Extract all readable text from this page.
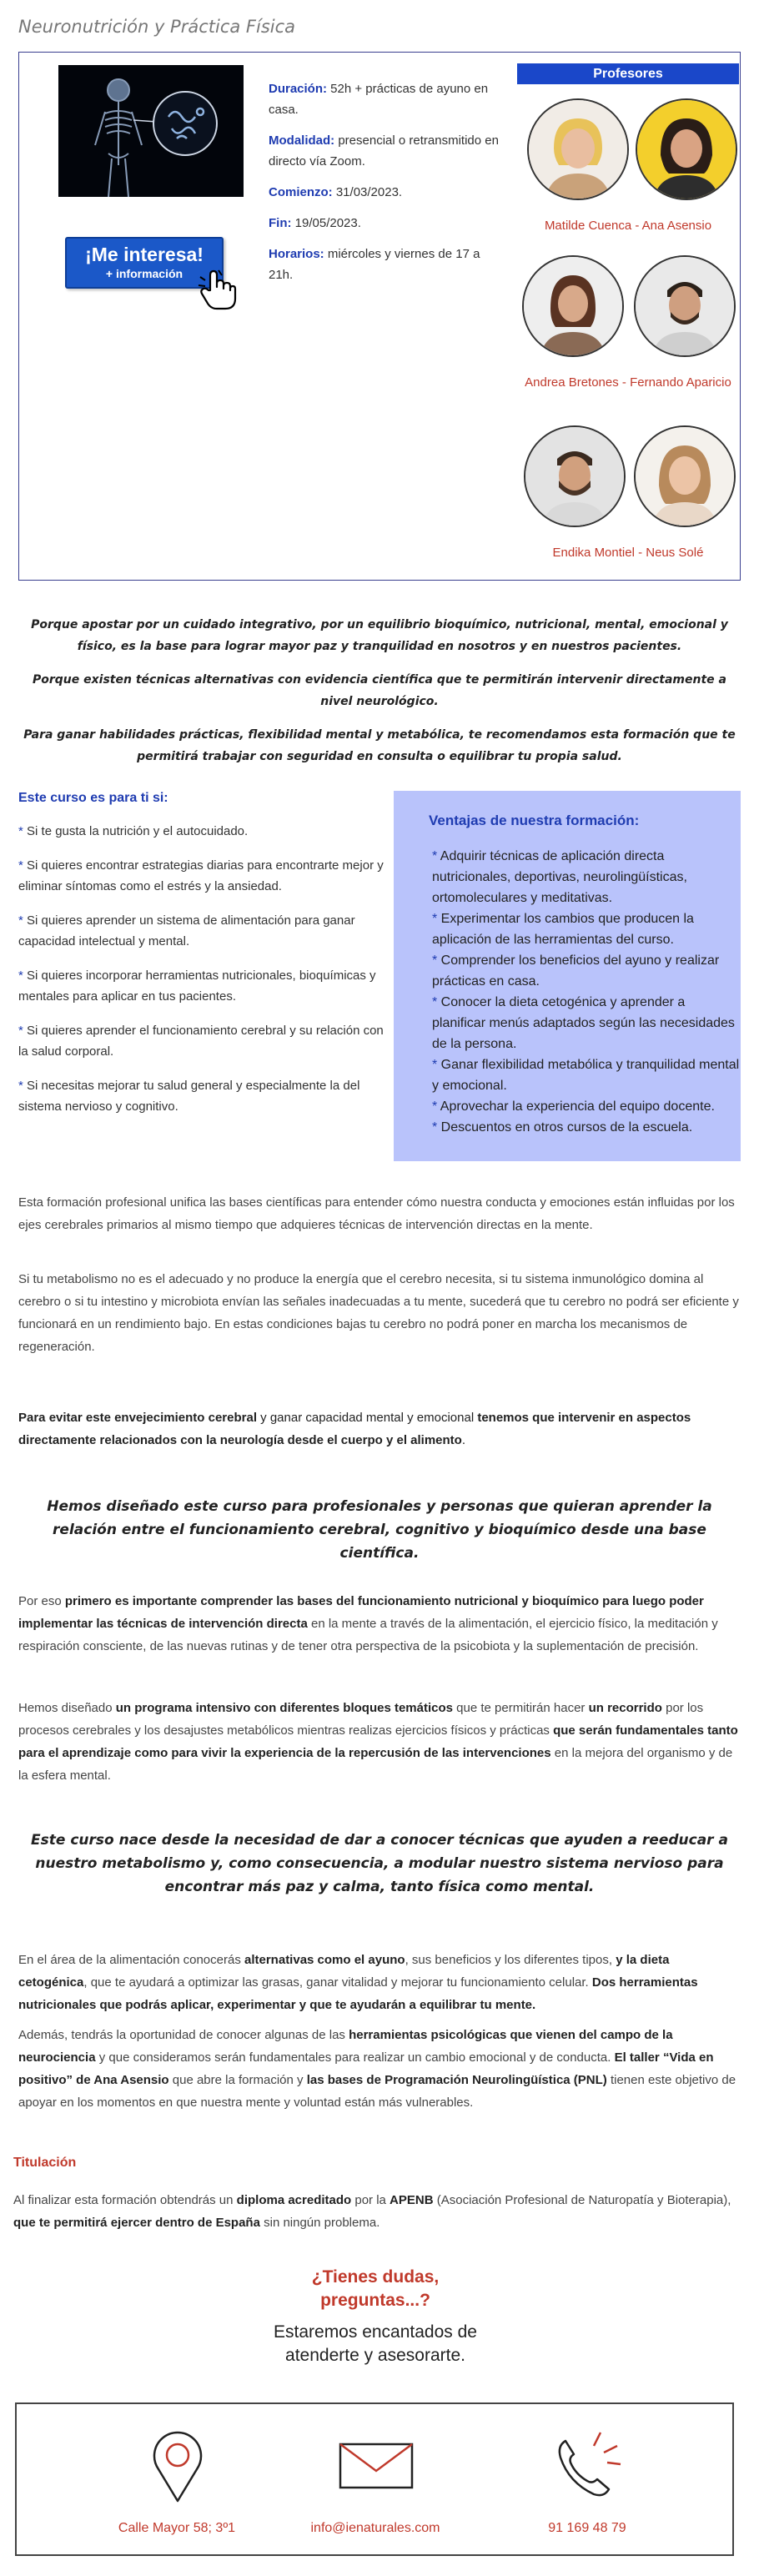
Neuronutrición y Práctica Física
¡Me interesa!
+ información

Duración: 52h + prácticas de ayuno en casa.

Modalidad: presencial o retransmitido en directo vía Zoom.

Comienzo: 31/03/2023.

Fin: 19/05/2023.

Horarios: miércoles y viernes de 17 a 21h.

Profesores
Matilde Cuenca - Ana Asensio
Andrea Bretones - Fernando Aparicio
Endika Montiel - Neus Solé
Porque apostar por un cuidado integrativo, por un equilibrio bioquímico, nutricional, mental, emocional y físico, es la base para lograr mayor paz y tranquilidad en nosotros y en nuestros pacientes.
Porque existen técnicas alternativas con evidencia científica que te permitirán intervenir directamente a nivel neurológico.
Para ganar habilidades prácticas, flexibilidad mental y metabólica, te recomendamos esta formación que te permitirá trabajar con seguridad en consulta o equilibrar tu propia salud.
Este curso es para ti si:
* Si te gusta la nutrición y el autocuidado.
* Si quieres encontrar estrategias diarias para encontrarte mejor y eliminar síntomas como el estrés y la ansiedad.
* Si quieres aprender un sistema de alimentación para ganar capacidad intelectual y mental.
* Si quieres incorporar herramientas nutricionales, bioquímicas y mentales para aplicar en tus pacientes.
* Si quieres aprender el funcionamiento cerebral y su relación con la salud corporal.
* Si necesitas mejorar tu salud general y especialmente la del sistema nervioso y cognitivo.
Ventajas de nuestra formación:
* Adquirir técnicas de aplicación directa nutricionales, deportivas, neurolingüísticas, ortomoleculares y meditativas.
* Experimentar los cambios que producen la aplicación de las herramientas del curso.
* Comprender los beneficios del ayuno y realizar prácticas en casa.
* Conocer la dieta cetogénica y aprender a planificar menús adaptados según las necesidades de la persona.
* Ganar flexibilidad metabólica y tranquilidad mental y emocional.
* Aprovechar la experiencia del equipo docente.
* Descuentos en otros cursos de la escuela.
Esta formación profesional unifica las bases científicas para entender cómo nuestra conducta y emociones están influidas por los ejes cerebrales primarios al mismo tiempo que adquieres técnicas de intervención directas en la mente.
Si tu metabolismo no es el adecuado y no produce la energía que el cerebro necesita, si tu sistema inmunológico domina al cerebro o si tu intestino y microbiota envían las señales inadecuadas a tu mente, sucederá que tu cerebro no podrá ser eficiente y funcionará en un rendimiento bajo. En estas condiciones bajas tu cerebro no podrá poner en marcha los mecanismos de regeneración.
Para evitar este envejecimiento cerebral y ganar capacidad mental y emocional tenemos que intervenir en aspectos directamente relacionados con la neurología desde el cuerpo y el alimento.
Hemos diseñado este curso para profesionales y personas que quieran aprender la relación entre el funcionamiento cerebral, cognitivo y bioquímico desde una base científica.
Por eso primero es importante comprender las bases del funcionamiento nutricional y bioquímico para luego poder implementar las técnicas de intervención directa en la mente a través de la alimentación, el ejercicio físico, la meditación y respiración consciente, de las nuevas rutinas y de tener otra perspectiva de la psicobiota y la suplementación de precisión.
Hemos diseñado un programa intensivo con diferentes bloques temáticos que te permitirán hacer un recorrido por los procesos cerebrales y los desajustes metabólicos mientras realizas ejercicios físicos y prácticas que serán fundamentales tanto para el aprendizaje como para vivir la experiencia de la repercusión de las intervenciones en la mejora del organismo y de la esfera mental.
Este curso nace desde la necesidad de dar a conocer técnicas que ayuden a reeducar a nuestro metabolismo y, como consecuencia, a modular nuestro sistema nervioso para encontrar más paz y calma, tanto física como mental.
En el área de la alimentación conocerás alternativas como el ayuno, sus beneficios y los diferentes tipos, y la dieta cetogénica, que te ayudará a optimizar las grasas, ganar vitalidad y mejorar tu funcionamiento celular. Dos herramientas nutricionales que podrás aplicar, experimentar y que te ayudarán a equilibrar tu mente.
Además, tendrás la oportunidad de conocer algunas de las herramientas psicológicas que vienen del campo de la neurociencia y que consideramos serán fundamentales para realizar un cambio emocional y de conducta. El taller “Vida en positivo” de Ana Asensio que abre la formación y las bases de Programación Neurolingüística (PNL) tienen este objetivo de apoyar en los momentos en que nuestra mente y voluntad están más vulnerables.
Titulación
Al finalizar esta formación obtendrás un diploma acreditado por la APENB (Asociación Profesional de Naturopatía y Bioterapia), que te permitirá ejercer dentro de España sin ningún problema.
¿Tienes dudas,
preguntas...?
Estaremos encantados de
atenderte y asesorarte.
Calle Mayor 58; 3º1	info@ienaturales.com	91 169 48 79
